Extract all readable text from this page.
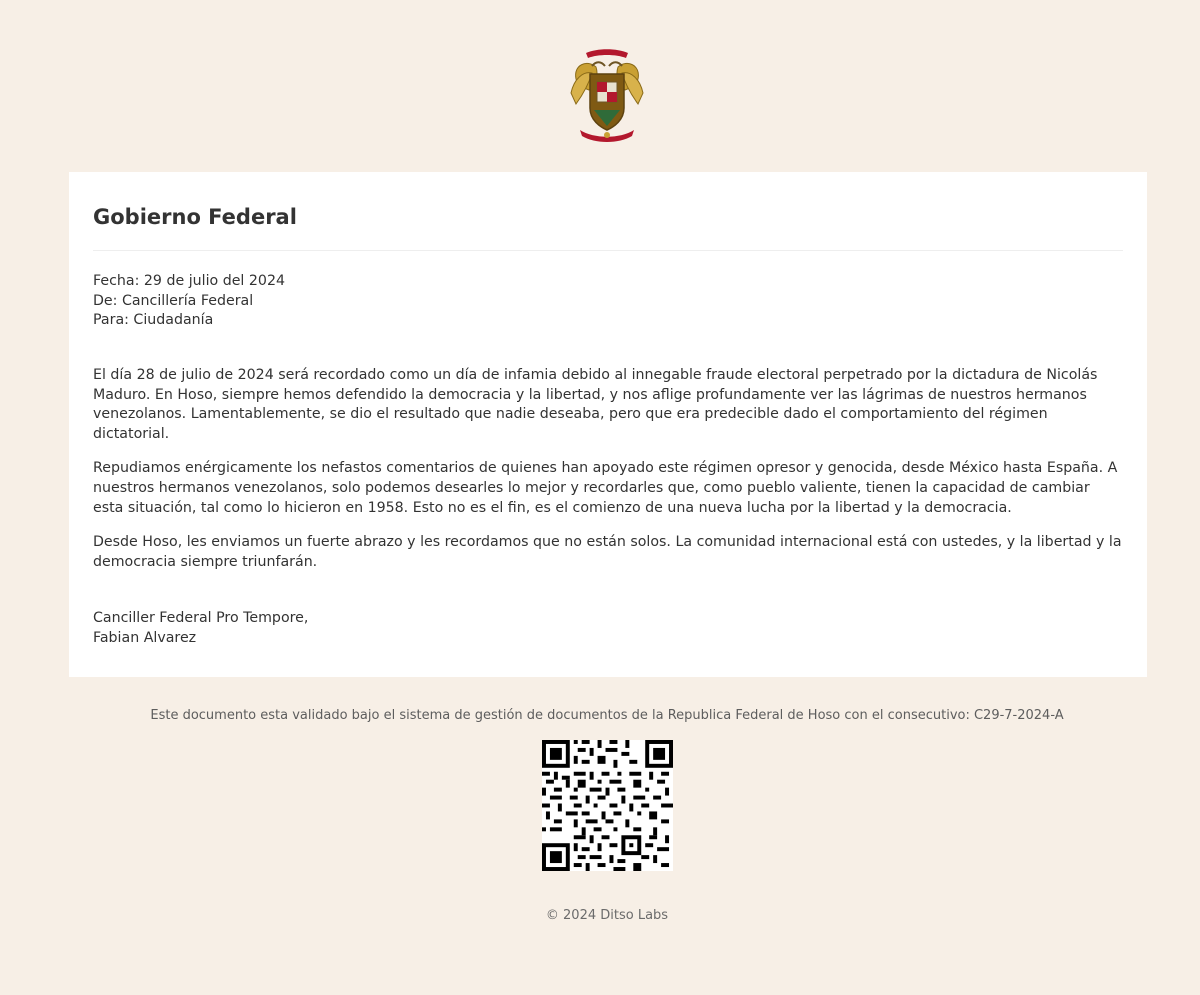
Gobierno Federal
Fecha: 29 de julio del 2024
De: Cancillería Federal
Para: Ciudadanía

El día 28 de julio de 2024 será recordado como un día de infamia debido al innegable fraude electoral perpetrado por la dictadura de Nicolás Maduro. En Hoso, siempre hemos defendido la democracia y la libertad, y nos aflige profundamente ver las lágrimas de nuestros hermanos venezolanos. Lamentablemente, se dio el resultado que nadie deseaba, pero que era predecible dado el comportamiento del régimen dictatorial.

Repudiamos enérgicamente los nefastos comentarios de quienes han apoyado este régimen opresor y genocida, desde México hasta España. A nuestros hermanos venezolanos, solo podemos desearles lo mejor y recordarles que, como pueblo valiente, tienen la capacidad de cambiar esta situación, tal como lo hicieron en 1958. Esto no es el fin, es el comienzo de una nueva lucha por la libertad y la democracia.

Desde Hoso, les enviamos un fuerte abrazo y les recordamos que no están solos. La comunidad internacional está con ustedes, y la libertad y la democracia siempre triunfarán.

Canciller Federal Pro Tempore,
Fabian Alvarez
Este documento esta validado bajo el sistema de gestión de documentos de la Republica Federal de Hoso con el consecutivo: C29-7-2024-A
© 2024 Ditso Labs
